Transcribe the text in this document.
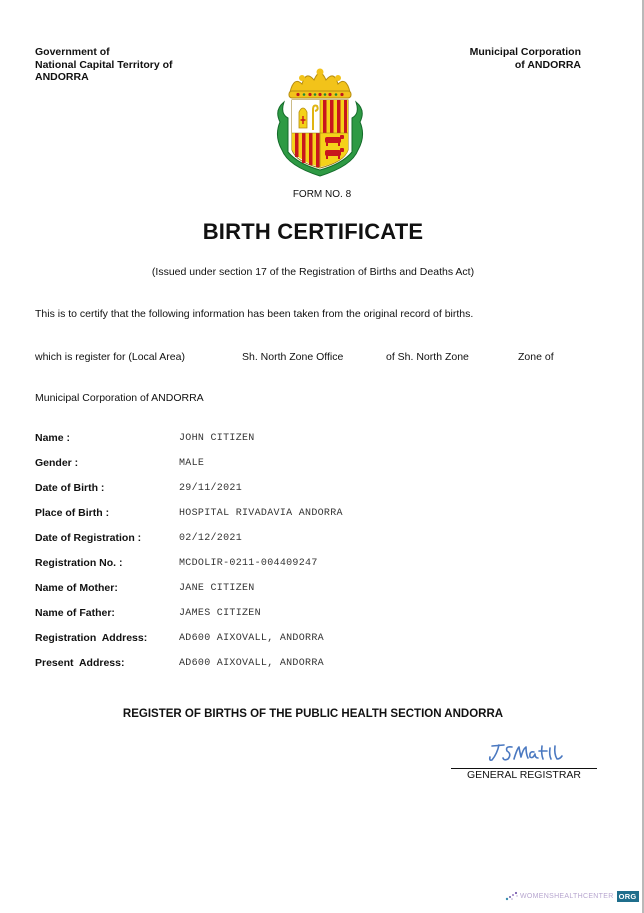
Government of
National Capital Territory of
ANDORRA
Municipal Corporation
of ANDORRA
FORM NO. 8
BIRTH CERTIFICATE
(Issued under section 17 of the Registration of Births and Deaths Act)
This is to certify that the following information has been taken from the original record of births.
which is register for (Local Area)	Sh. North Zone Office	of Sh. North Zone	Zone of
Municipal Corporation of ANDORRA
Name :	JOHN CITIZEN
Gender :	MALE
Date of Birth :	29/11/2021
Place of Birth :	HOSPITAL RIVADAVIA ANDORRA
Date of Registration :	02/12/2021
Registration No. :	MCDOLIR-0211-004409247
Name of Mother:	JANE CITIZEN
Name of Father:	JAMES CITIZEN
Registration  Address:	AD600 AIXOVALL, ANDORRA
Present  Address:	AD600 AIXOVALL, ANDORRA
REGISTER OF BIRTHS OF THE PUBLIC HEALTH SECTION ANDORRA
GENERAL REGISTRAR
WOMENSHEALTHCENTER ORG
